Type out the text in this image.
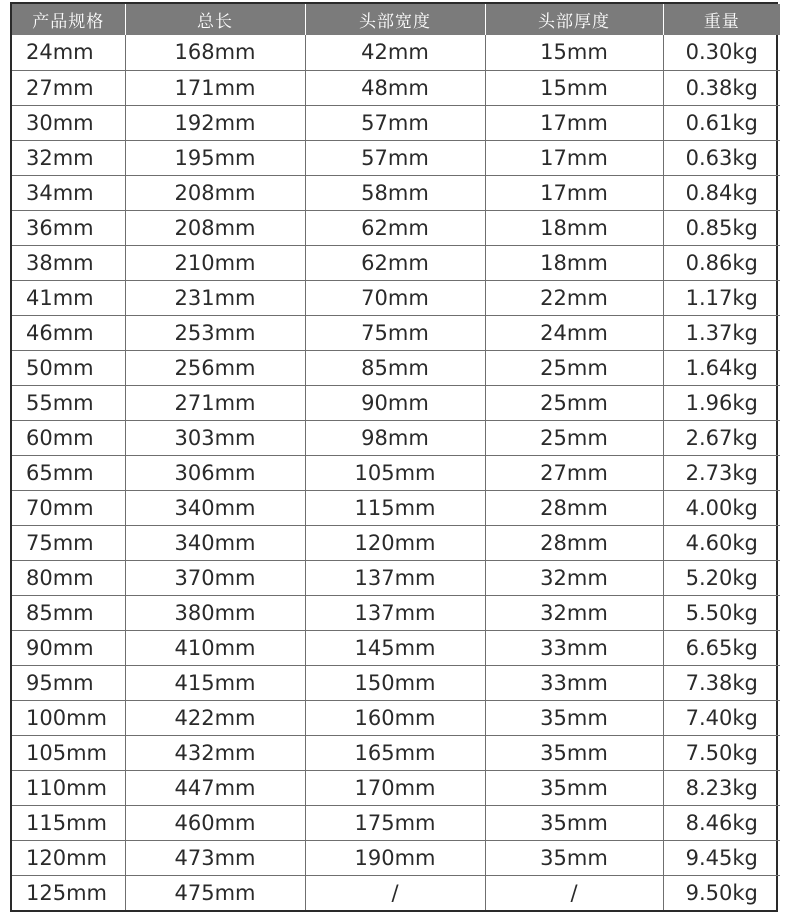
产品规格	总长	头部宽度	头部厚度	重量
24mm	168mm	42mm	15mm	0.30kg
27mm	171mm	48mm	15mm	0.38kg
30mm	192mm	57mm	17mm	0.61kg
32mm	195mm	57mm	17mm	0.63kg
34mm	208mm	58mm	17mm	0.84kg
36mm	208mm	62mm	18mm	0.85kg
38mm	210mm	62mm	18mm	0.86kg
41mm	231mm	70mm	22mm	1.17kg
46mm	253mm	75mm	24mm	1.37kg
50mm	256mm	85mm	25mm	1.64kg
55mm	271mm	90mm	25mm	1.96kg
60mm	303mm	98mm	25mm	2.67kg
65mm	306mm	105mm	27mm	2.73kg
70mm	340mm	115mm	28mm	4.00kg
75mm	340mm	120mm	28mm	4.60kg
80mm	370mm	137mm	32mm	5.20kg
85mm	380mm	137mm	32mm	5.50kg
90mm	410mm	145mm	33mm	6.65kg
95mm	415mm	150mm	33mm	7.38kg
100mm	422mm	160mm	35mm	7.40kg
105mm	432mm	165mm	35mm	7.50kg
110mm	447mm	170mm	35mm	8.23kg
115mm	460mm	175mm	35mm	8.46kg
120mm	473mm	190mm	35mm	9.45kg
125mm	475mm	/	/	9.50kg
